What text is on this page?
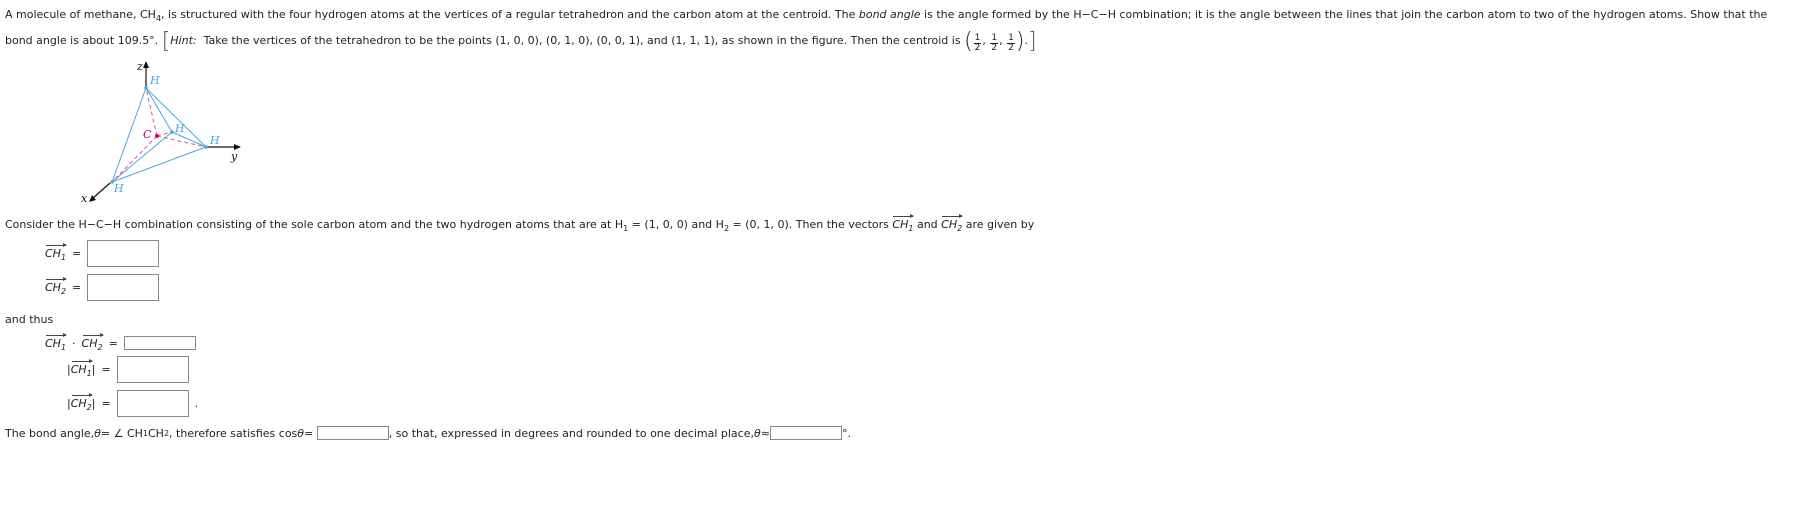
A molecule of methane, $CH_4$, is structured with the four hydrogen atoms at the vertices of a regular tetrahedron and the carbon atom at the centroid. The bond angle is the angle formed by the H−C−H combination; it is the angle between the lines that join the carbon atom to two of the hydrogen atoms. Show that the bond angle is about 109.5°. [Hint: Take the vertices of the tetrahedron to be the points (1, 0, 0), (0, 1, 0), (0, 0, 1), and (1, 1, 1), as shown in the figure. Then the centroid is ( $\frac{1}{2}$ , $\frac{1}{2}$ , $\frac{1}{2}$ ).]
z
y
x
H
H
H
H
C
Consider the H−C−H combination consisting of the sole carbon atom and the two hydrogen atoms that are at $H_1 = (1$, 0, 0) and $H_2 = (0$, 1, 0). Then the vectors $CH_1$ and $CH_2$ are given by
$CH_1$ =
$CH_2$ =
and thus
$CH_1 \cdot CH_2$ =
$|CH_1|$ =
$|CH_2|$ =	.
The bond angle, θ = ∠ CH 1 CH 2 , therefore satisfies cos θ =
	, so that, expressed in degrees and rounded to one decimal place, θ ≈	°.
